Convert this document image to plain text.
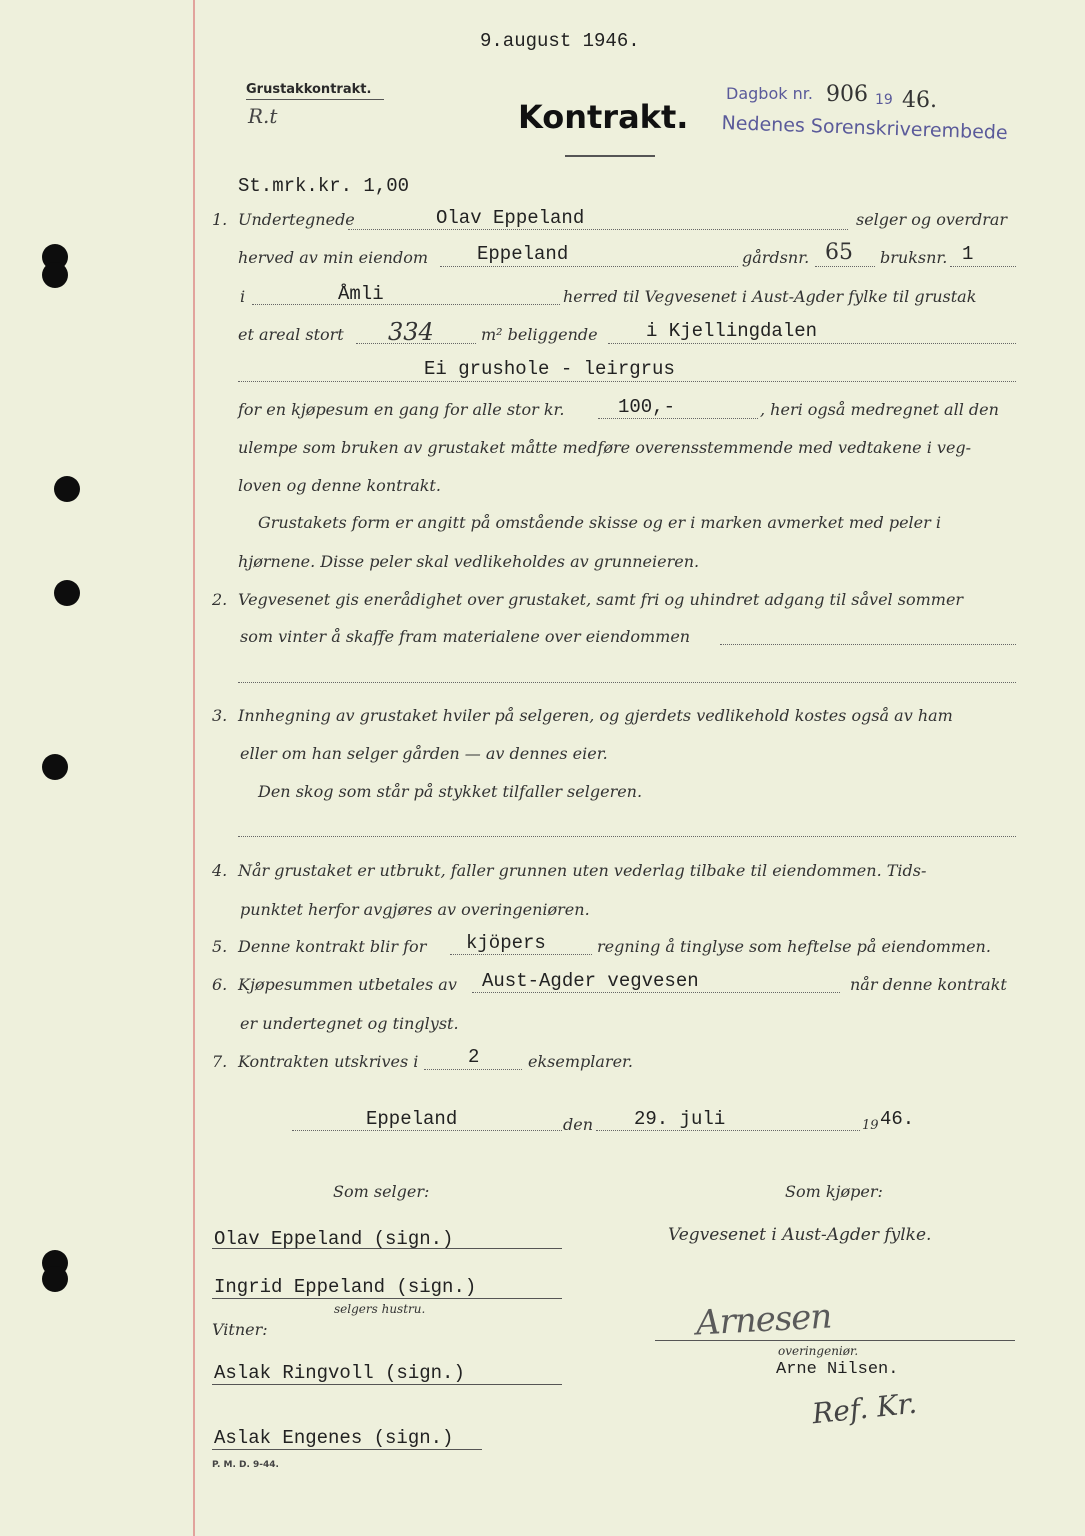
9.august 1946.
Grustakkontrakt.
R.t	Kontrakt.
Dagbok nr. 906 19 46.
Nedenes Sorenskriverembede
St.mrk.kr. 1,00
1. Undertegnede	Olav Eppeland	selger og overdrar
herved av min eiendom	Eppeland	gårdsnr. 65 bruksnr. 1
i	Åmli	herred til Vegvesenet i Aust-Agder fylke til grustak
et areal stort 334	m² beliggende	i Kjellingdalen
Ei grushole - leirgrus
for en kjøpesum en gang for alle stor kr.	100,-	, heri også medregnet all den
ulempe som bruken av grustaket måtte medføre overensstemmende med vedtakene i veg-
loven og denne kontrakt.
Grustakets form er angitt på omstående skisse og er i marken avmerket med peler i
hjørnene. Disse peler skal vedlikeholdes av grunneieren.
2. Vegvesenet gis enerådighet over grustaket, samt fri og uhindret adgang til såvel sommer
som vinter å skaffe fram materialene over eiendommen
3. Innhegning av grustaket hviler på selgeren, og gjerdets vedlikehold kostes også av ham
eller om han selger gården — av dennes eier.
Den skog som står på stykket tilfaller selgeren.
4. Når grustaket er utbrukt, faller grunnen uten vederlag tilbake til eiendommen. Tids-
punktet herfor avgjøres av overingeniøren.
5. Denne kontrakt blir for kjöpers	regning å tinglyse som heftelse på eiendommen.
6. Kjøpesummen utbetales av Aust-Agder vegvesen	når denne kontrakt
er undertegnet og tinglyst.
7. Kontrakten utskrives i	2	eksemplarer.
Eppeland	den 29. juli	19 46.
Som selger:	Som kjøper:
Olav Eppeland (sign.)	Vegvesenet i Aust-Agder fylke.
Ingrid Eppeland (sign.)
selgers hustru.
Vitner:	Arnesen
overingeniør.
Arne Nilsen.
Ref. Kr.
Aslak Ringvoll (sign.)
Aslak Engenes (sign.)
P. M. D. 9-44.
